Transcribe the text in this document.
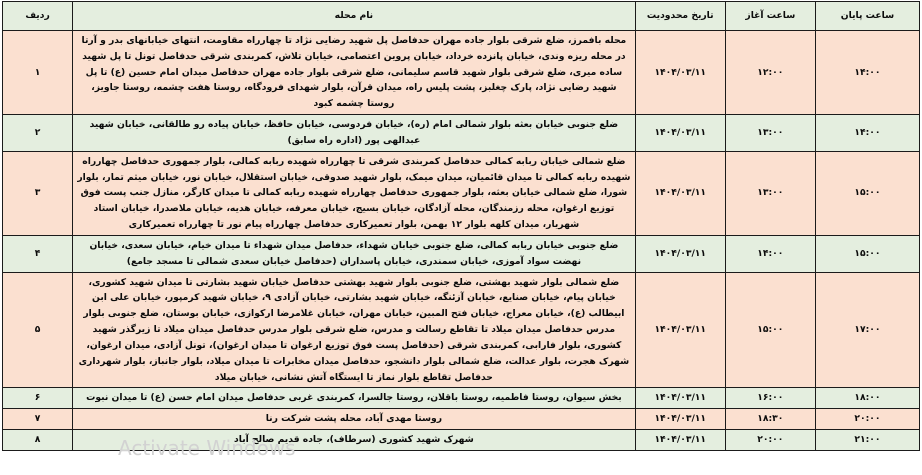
ساعت پایان	ساعت آغاز	تاریخ محدودیت	نام محله	ردیف
۱۴:۰۰	۱۲:۰۰	۱۴۰۴/۰۳/۱۱	محله بافمرز، ضلع شرقی بلوار جاده مهران حدفاصل پل شهید رضایی نژاد تا چهارراه مقاومت، انتهای خیابانهای بدر و آرتا در محله ریزه وندی، خیابان پانزده خرداد، خیابان پروین اعتصامی، خیابان تلاش، کمربندی شرقی حدفاصل تونل تا پل شهید ساده میری، ضلع شرقی بلوار شهید قاسم سلیمانی، ضلع شرقی بلوار جاده مهران حدفاصل میدان امام حسین (ع) تا پل شهید رضایی نژاد، پارک چغلبز، پشت پلیس راه، میدان قرآن، بلوار شهدای فرودگاه، روستا هفت چشمه، روستا جاویز، روستا چشمه کبود	۱
۱۴:۰۰	۱۳:۰۰	۱۴۰۴/۰۳/۱۱	ضلع جنوبی خیابان بعثه بلوار شمالی امام (ره)، خیابان فردوسی، خیابان حافظ، خیابان پیاده رو طالقانی، خیابان شهید عبدالهی پور (اداره راه سابق)	۲
۱۵:۰۰	۱۳:۰۰	۱۴۰۴/۰۳/۱۱	ضلع شمالی خیابان ربابه کمالی حدفاصل کمربندی شرقی تا چهارراه شهیده ربابه کمالی، بلوار جمهوری حدفاصل چهارراه شهیده ربابه کمالی تا میدان قائمیان، میدان میمک، بلوار شهید صدوقی، خیابان استقلال، خیابان نور، خیابان میثم تمار، بلوار شورا، ضلع شمالی خیابان بعثه، بلوار جمهوری حدفاصل چهارراه شهیده ربابه کمالی تا میدان کارگر، منازل جنب پست فوق توزیع ارغوان، محله رزمندگان، محله آزادگان، خیابان بسیج، خیابان معرفه، خیابان هدیه، خیابان ملاصدرا، خیابان استاد شهریار، میدان کلهه بلوار ۱۲ بهمن، بلوار تعمیرکاری حدفاصل چهارراه پیام نور تا چهارراه تعمیرکاری	۳
۱۵:۰۰	۱۴:۰۰	۱۴۰۴/۰۳/۱۱	ضلع جنوبی خیابان ربابه کمالی، ضلع جنوبی خیابان شهداء، حدفاصل میدان شهداء تا میدان خیام، خیابان سعدی، خیابان نهضت سواد آموزی، خیابان سمندری، خیابان پاسداران (حدفاصل خیابان سعدی شمالی تا مسجد جامع)	۴
۱۷:۰۰	۱۵:۰۰	۱۴۰۴/۰۳/۱۱	ضلع شمالی بلوار شهید بهشتی، ضلع جنوبی بلوار شهید بهشتی حدفاصل خیابان شهید بشارتی تا میدان شهید کشوری، خیابان پیام، خیابان صنایع، خیابان آزئنگه، خیابان شهید بشارتی، خیابان آزادی ۹، خیابان شهید کرمپور، خیابان علی ابن ابیطالب (ع)، خیابان معراج، خیابان فتح المبین، خیابان مهران، خیابان غلامرضا ارکوازی، خیابان بوستان، ضلع جنوبی بلوار مدرس حدفاصل میدان میلاد تا تقاطع رسالت و مدرس، ضلع شرقی بلوار مدرس حدفاصل میدان میلاد تا زیرگذر شهید کشوری، بلوار فارابی، کمربندی شرقی (حدفاصل پست فوق توزیع ارغوان تا میدان ارغوان)، تونل آزادی، میدان ارغوان، شهرک هجرت، بلوار عدالت، ضلع شمالی بلوار دانشجو، حدفاصل میدان مخابرات تا میدان میلاد، بلوار جانباز، بلوار شهرداری حدفاصل تقاطع بلوار نماز تا ایستگاه آتش نشانی، خیابان میلاد	۵
۱۸:۰۰	۱۶:۰۰	۱۴۰۴/۰۳/۱۱	بخش سیوان، روستا فاطمیه، روستا باقلان، روستا جالسرا، کمربندی غربی حدفاصل میدان امام حسن (ع) تا میدان نبوت	۶
۲۰:۰۰	۱۸:۳۰	۱۴۰۴/۰۳/۱۱	روستا مهدی آباد، محله پشت شرکت رنا	۷
۲۱:۰۰	۲۰:۰۰	۱۴۰۴/۰۳/۱۱	شهرک شهید کشوری (سرطاف)، جاده قدیم صالح آباد	۸	Activate Windows
